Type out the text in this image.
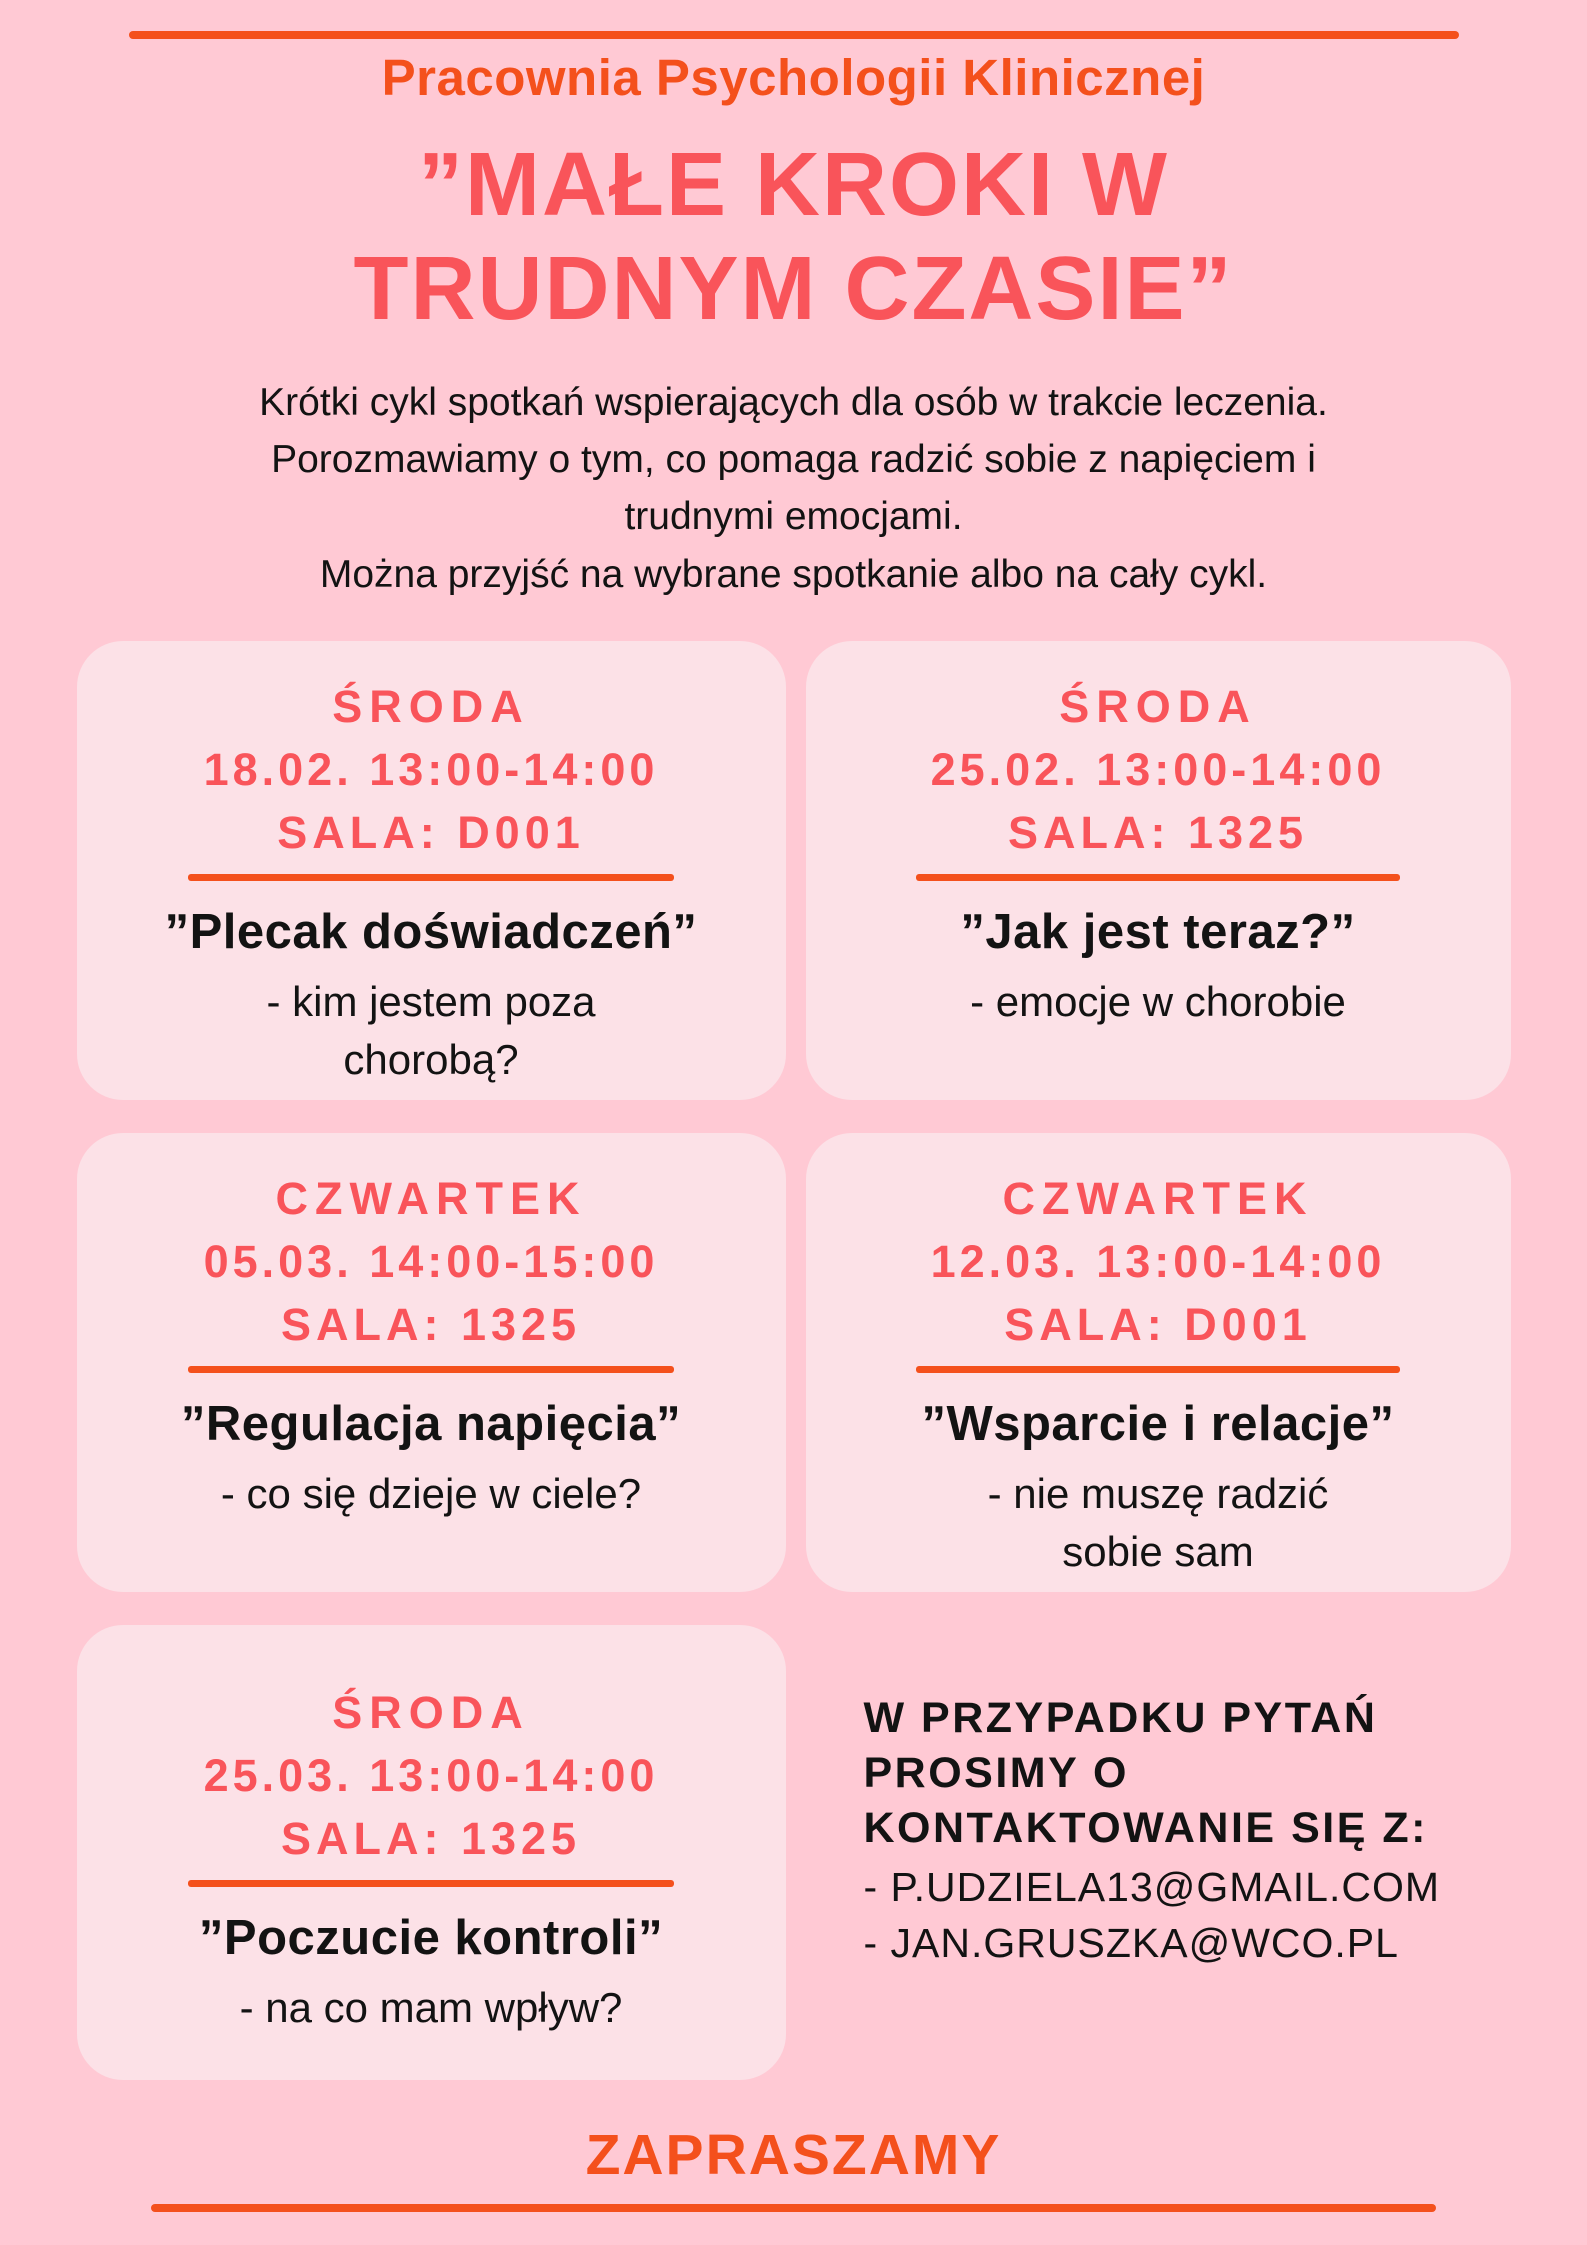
Pracownia Psychologii Klinicznej
”MAŁE KROKI W
TRUDNYM CZASIE”
Krótki cykl spotkań wspierających dla osób w trakcie leczenia.
Porozmawiamy o tym, co pomaga radzić sobie z napięciem i
trudnymi emocjami.
Można przyjść na wybrane spotkanie albo na cały cykl.
ŚRODA
18.02. 13:00-14:00
SALA: D001
”Plecak doświadczeń”
- kim jestem poza
chorobą?
ŚRODA
25.02. 13:00-14:00
SALA: 1325
”Jak jest teraz?”
- emocje w chorobie
CZWARTEK
05.03. 14:00-15:00
SALA: 1325
”Regulacja napięcia”
- co się dzieje w ciele?
CZWARTEK
12.03. 13:00-14:00
SALA: D001
”Wsparcie i relacje”
- nie muszę radzić
sobie sam
ŚRODA
25.03. 13:00-14:00
SALA: 1325
”Poczucie kontroli”
- na co mam wpływ?
W PRZYPADKU PYTAŃ
PROSIMY O
KONTAKTOWANIE SIĘ Z:
- P.UDZIELA13@GMAIL.COM
- JAN.GRUSZKA@WCO.PL
ZAPRASZAMY
